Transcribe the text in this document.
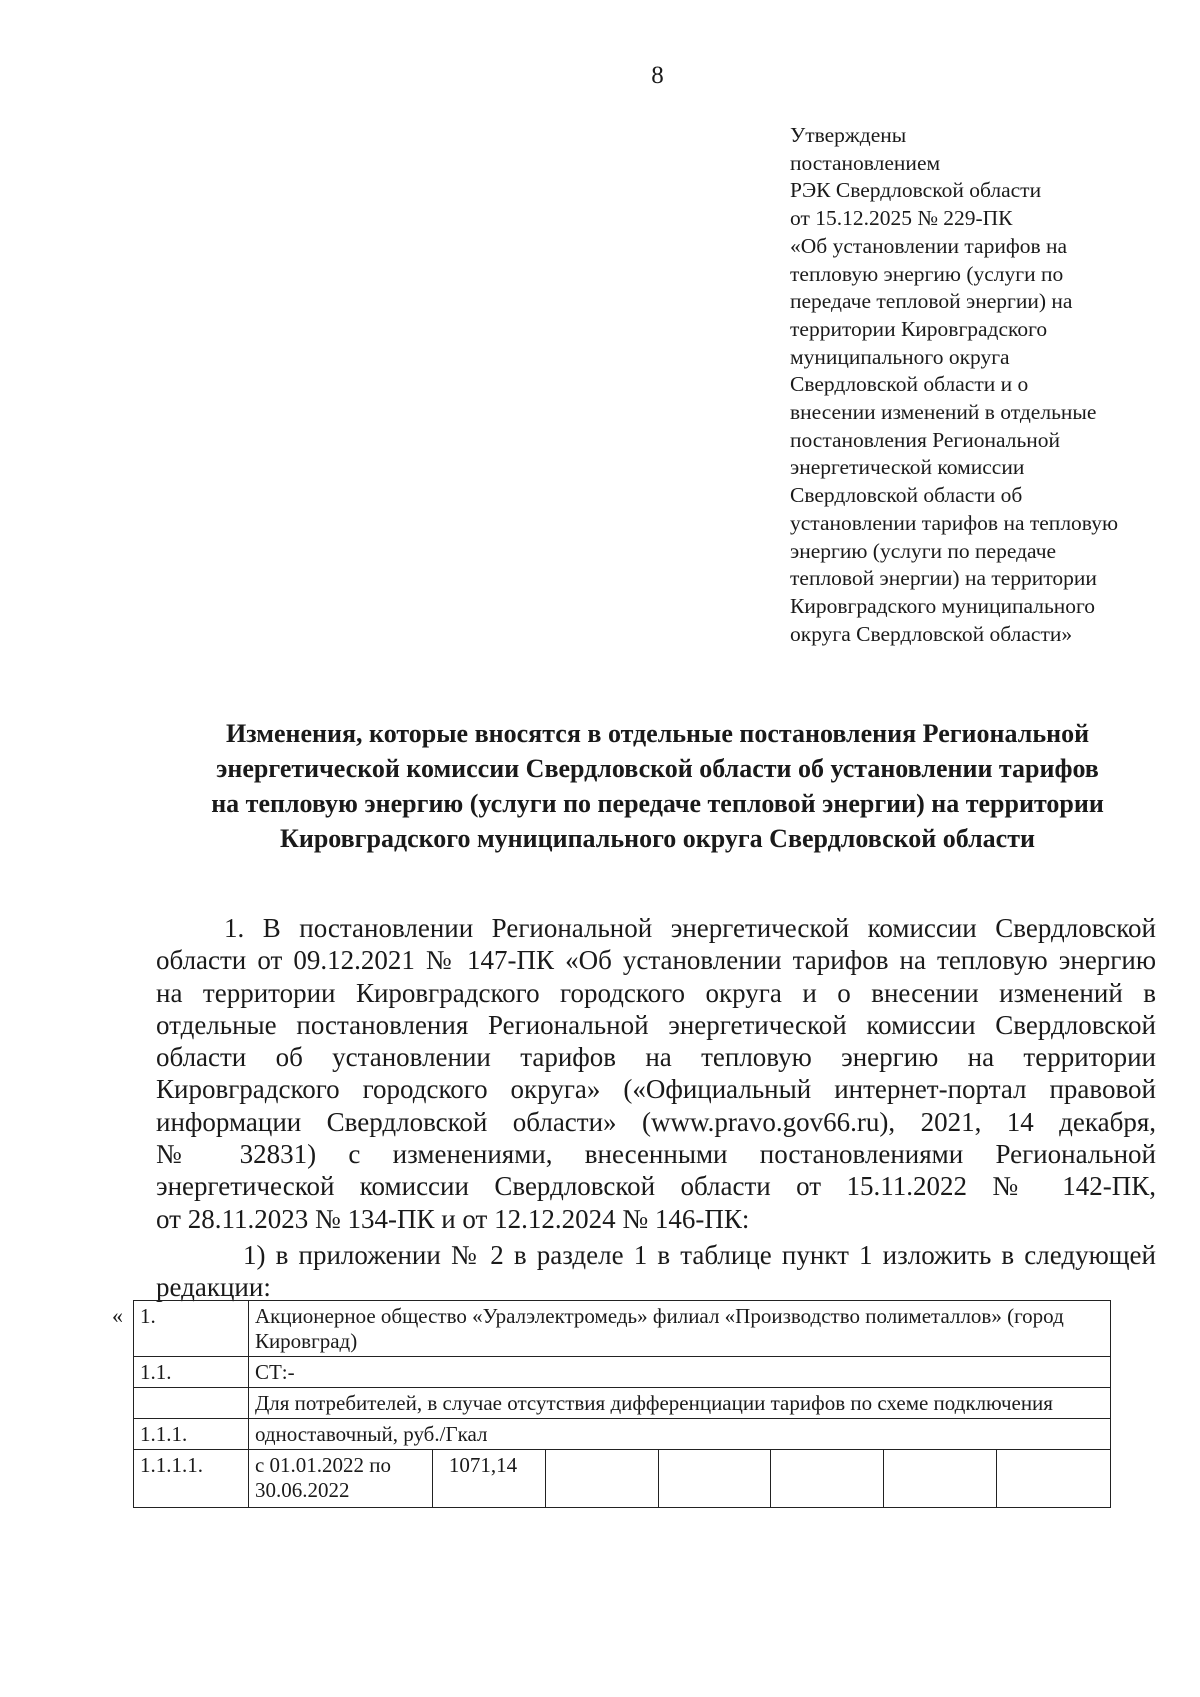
8
Утверждены
постановлением
РЭК Свердловской области
от 15.12.2025 № 229-ПК
«Об установлении тарифов на
тепловую энергию (услуги по
передаче тепловой энергии) на
территории Кировградского
муниципального округа
Свердловской области и о
внесении изменений в отдельные
постановления Региональной
энергетической комиссии
Свердловской области об
установлении тарифов на тепловую
энергию (услуги по передаче
тепловой энергии) на территории
Кировградского муниципального
округа Свердловской области»
Изменения, которые вносятся в отдельные постановления Региональной
энергетической комиссии Свердловской области об установлении тарифов
на тепловую энергию (услуги по передаче тепловой энергии) на территории
Кировградского муниципального округа Свердловской области
1. В постановлении Региональной энергетической комиссии Свердловской
области от 09.12.2021 № 147-ПК «Об установлении тарифов на тепловую энергию
на территории Кировградского городского округа и о внесении изменений в
отдельные постановления Региональной энергетической комиссии Свердловской
области об установлении тарифов на тепловую энергию на территории
Кировградского городского округа» («Официальный интернет-портал правовой
информации Свердловской области» (www.pravo.gov66.ru), 2021, 14 декабря,
№ 32831) с изменениями, внесенными постановлениями Региональной
энергетической комиссии Свердловской области от 15.11.2022 № 142-ПК,
от 28.11.2023 № 134-ПК и от 12.12.2024 № 146-ПК:
1) в приложении № 2 в разделе 1 в таблице пункт 1 изложить в следующей
редакции:
« 1.	Акционерное общество «Уралэлектромедь» филиал «Производство полиметаллов» (город Кировград)						
1.1.	СТ:-						
	Для потребителей, в случае отсутствия дифференциации тарифов по схеме подключения						
1.1.1.	одноставочный, руб./Гкал						
1.1.1.1.	с 01.01.2022 по 30.06.2022	1071,14					
